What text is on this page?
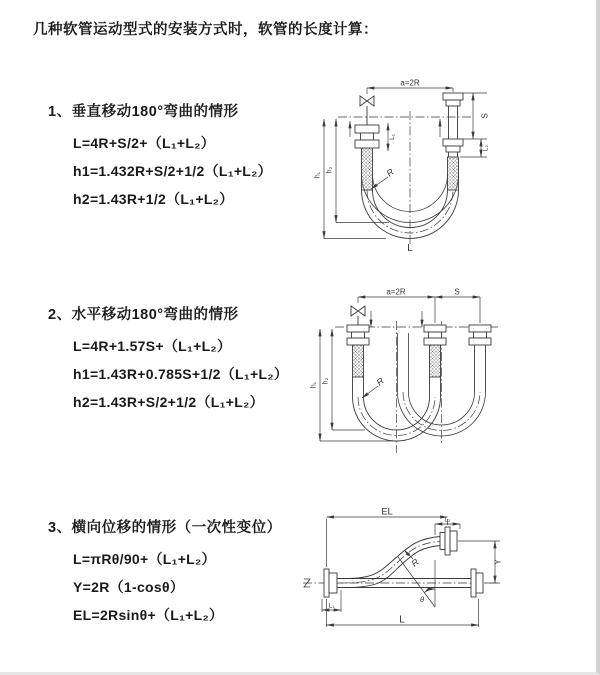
几种软管运动型式的安装方式时，软管的长度计算：
1、垂直移动180°弯曲的情形

L=4R+S/2+（L₁+L₂）

h1=1.432R+S/2+1/2（L₁+L₂）

h2=1.43R+1/2（L₁+L₂）

2、水平移动180°弯曲的情形

L=4R+1.57S+（L₁+L₂）

h1=1.43R+0.785S+1/2（L₁+L₂）

h2=1.43R+S/2+1/2（L₁+L₂）

3、横向位移的情形（一次性变位）

L=πRθ/90+（L₁+L₂）

Y=2R（1-cosθ）

EL=2Rsinθ+（L₁+L₂）

a=2R
L₁
S
L₂
h₁
h₂	R
L
a=2R	S
h₁
h₂	R
EL
L₂
Y
R
θ
L
L₁
